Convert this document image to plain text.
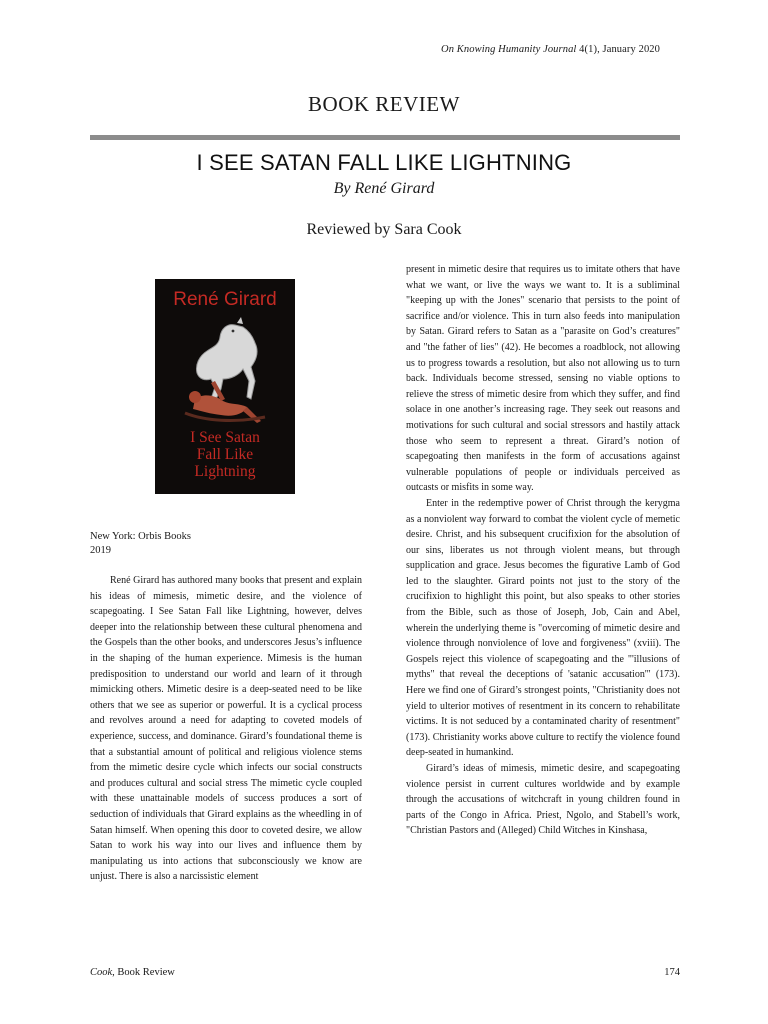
On Knowing Humanity Journal 4(1), January 2020
BOOK REVIEW
I SEE SATAN FALL LIKE LIGHTNING
By René Girard
Reviewed by Sara Cook
René Girard
I See Satan
Fall Like
Lightning
New York: Orbis Books
2019

René Girard has authored many books that present and explain his ideas of mimesis, mimetic desire, and the violence of scapegoating. I See Satan Fall like Lightning, however, delves deeper into the relationship between these cultural phenomena and the Gospels than the other books, and underscores Jesus’s influence in the shaping of the human experience. Mimesis is the human predisposition to understand our world and learn of it through mimicking others. Mimetic desire is a deep-seated need to be like others that we see as superior or powerful. It is a cyclical process and revolves around a need for adapting to coveted models of experience, success, and dominance. Girard’s foundational theme is that a substantial amount of political and religious violence stems from the mimetic desire cycle which infects our social constructs and produces cultural and social stress The mimetic cycle coupled with these unattainable models of success produces a sort of seduction of individuals that Girard explains as the wheedling in of Satan himself. When opening this door to coveted desire, we allow Satan to work his way into our lives and influence them by manipulating us into actions that subconsciously we know are unjust. There is also a narcissistic element

present in mimetic desire that requires us to imitate others that have what we want, or live the ways we want to. It is a subliminal "keeping up with the Jones" scenario that persists to the point of sacrifice and/or violence. This in turn also feeds into manipulation by Satan. Girard refers to Satan as a "parasite on God’s creatures" and "the father of lies" (42). He becomes a roadblock, not allowing us to progress towards a resolution, but also not allowing us to turn back. Individuals become stressed, sensing no viable options to relieve the stress of mimetic desire from which they suffer, and find solace in one another’s increasing rage. They seek out reasons and motivations for such cultural and social stressors and hastily attack those who seem to represent a threat. Girard’s notion of scapegoating then manifests in the form of accusations against vulnerable populations of people or individuals perceived as outcasts or misfits in some way.

Enter in the redemptive power of Christ through the kerygma as a nonviolent way forward to combat the violent cycle of memetic desire. Christ, and his subsequent crucifixion for the absolution of our sins, liberates us not through violent means, but through supplication and grace. Jesus becomes the figurative Lamb of God led to the slaughter. Girard points not just to the story of the crucifixion to highlight this point, but also speaks to other stories from the Bible, such as those of Joseph, Job, Cain and Abel, wherein the underlying theme is "overcoming of mimetic desire and violence through nonviolence of love and forgiveness" (xviii). The Gospels reject this violence of scapegoating and the "'illusions of myths" that reveal the deceptions of 'satanic accusation'" (173). Here we find one of Girard’s strongest points, "Christianity does not yield to ulterior motives of resentment in its concern to rehabilitate victims. It is not seduced by a contaminated charity of resentment" (173). Christianity works above culture to rectify the violence found deep-seated in humankind.

Girard’s ideas of mimesis, mimetic desire, and scapegoating violence persist in current cultures worldwide and by example through the accusations of witchcraft in young children found in parts of the Congo in Africa. Priest, Ngolo, and Stabell’s work, "Christian Pastors and (Alleged) Child Witches in Kinshasa,

Cook, Book Review	174
